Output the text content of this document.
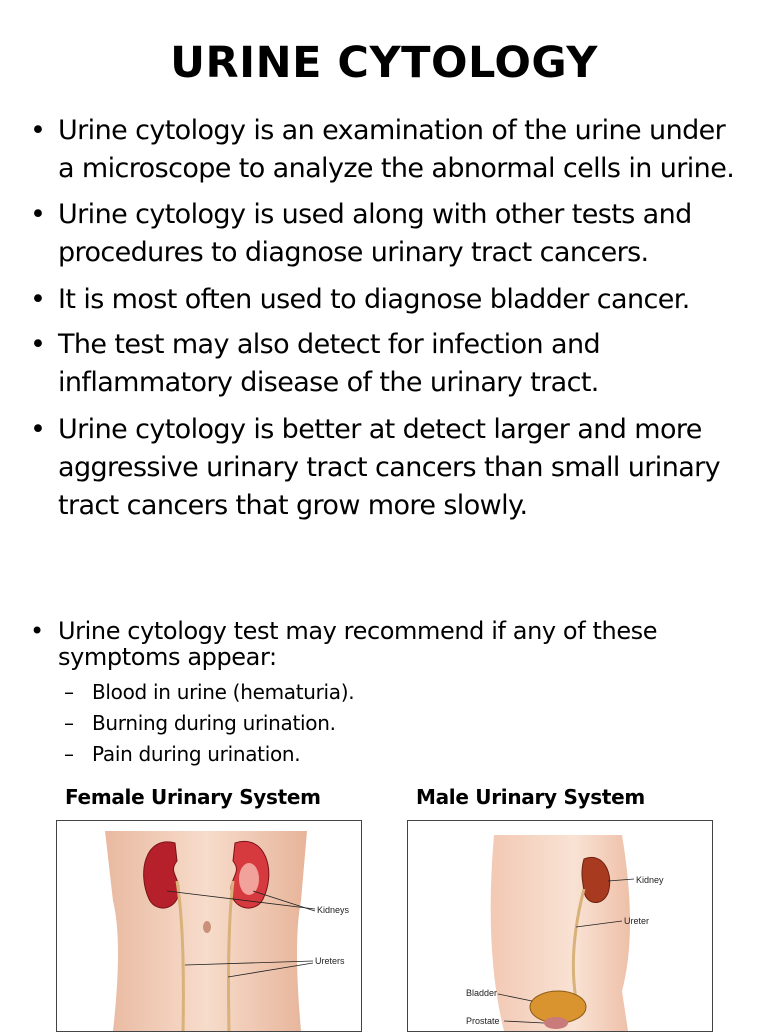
URINE CYTOLOGY
• Urine cytology is an examination of the urine under
a microscope to analyze the abnormal cells in urine.
• Urine cytology is used along with other tests and
procedures to diagnose urinary tract cancers.
• It is most often used to diagnose bladder cancer.
• The test may also detect for infection and
inflammatory disease of the urinary tract.
• Urine cytology is better at detect larger and more
aggressive urinary tract cancers than small urinary
tract cancers that grow more slowly.
• Urine cytology test may recommend if any of these
symptoms appear:
– Blood in urine (hematuria).
– Burning during urination.
– Pain during urination.
Female Urinary System	Male Urinary System
Kidneys
Ureters
Kidney
Ureter
Bladder
Prostate
